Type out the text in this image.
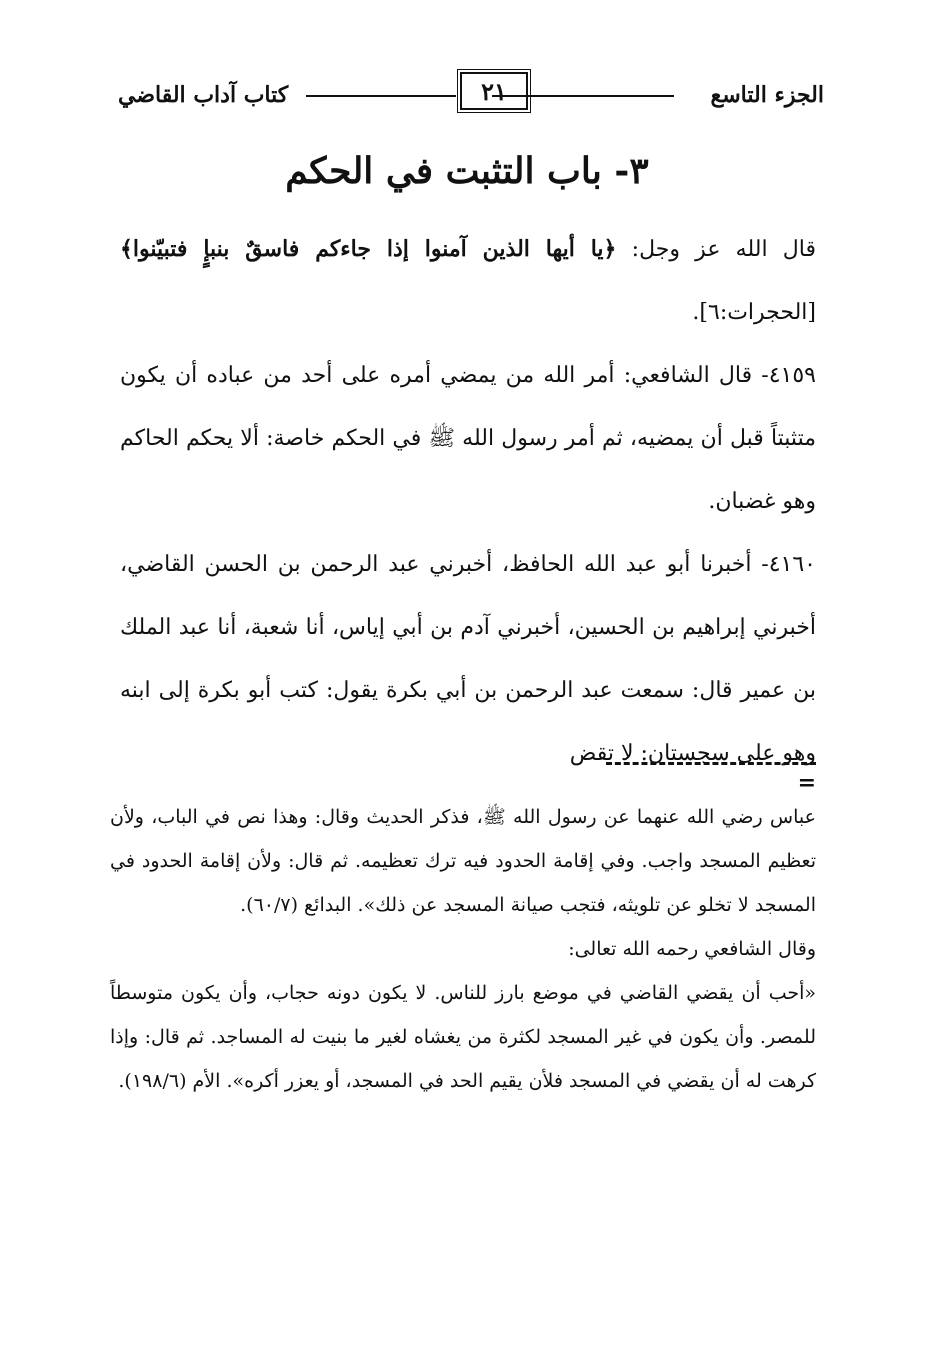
الجزء التاسع
٢١
كتاب آداب القاضي
٣- باب التثبت في الحكم

قال الله عز وجل: ﴿يا أيها الذين آمنوا إذا جاءكم فاسقٌ بنبإٍ فتبيّنوا﴾ [الحجرات:٦].

٤١٥٩- قال الشافعي: أمر الله من يمضي أمره على أحد من عباده أن يكون متثبتاً قبل أن يمضيه، ثم أمر رسول الله ﷺ في الحكم خاصة: ألا يحكم الحاكم وهو غضبان.

٤١٦٠- أخبرنا أبو عبد الله الحافظ، أخبرني عبد الرحمن بن الحسن القاضي، أخبرني إبراهيم بن الحسين، أخبرني آدم بن أبي إياس، أنا شعبة، أنا عبد الملك بن عمير قال: سمعت عبد الرحمن بن أبي بكرة يقول: كتب أبو بكرة إلى ابنه وهو على سجستان: لا تقض

=

عباس رضي الله عنهما عن رسول الله ﷺ، فذكر الحديث وقال: وهذا نص في الباب، ولأن تعظيم المسجد واجب. وفي إقامة الحدود فيه ترك تعظيمه. ثم قال: ولأن إقامة الحدود في المسجد لا تخلو عن تلويثه، فتجب صيانة المسجد عن ذلك». البدائع (٦٠/٧).

وقال الشافعي رحمه الله تعالى:

«أحب أن يقضي القاضي في موضع بارز للناس. لا يكون دونه حجاب، وأن يكون متوسطاً للمصر. وأن يكون في غير المسجد لكثرة من يغشاه لغير ما بنيت له المساجد. ثم قال: وإذا كرهت له أن يقضي في المسجد فلأن يقيم الحد في المسجد، أو يعزر أكره». الأم (١٩٨/٦).
